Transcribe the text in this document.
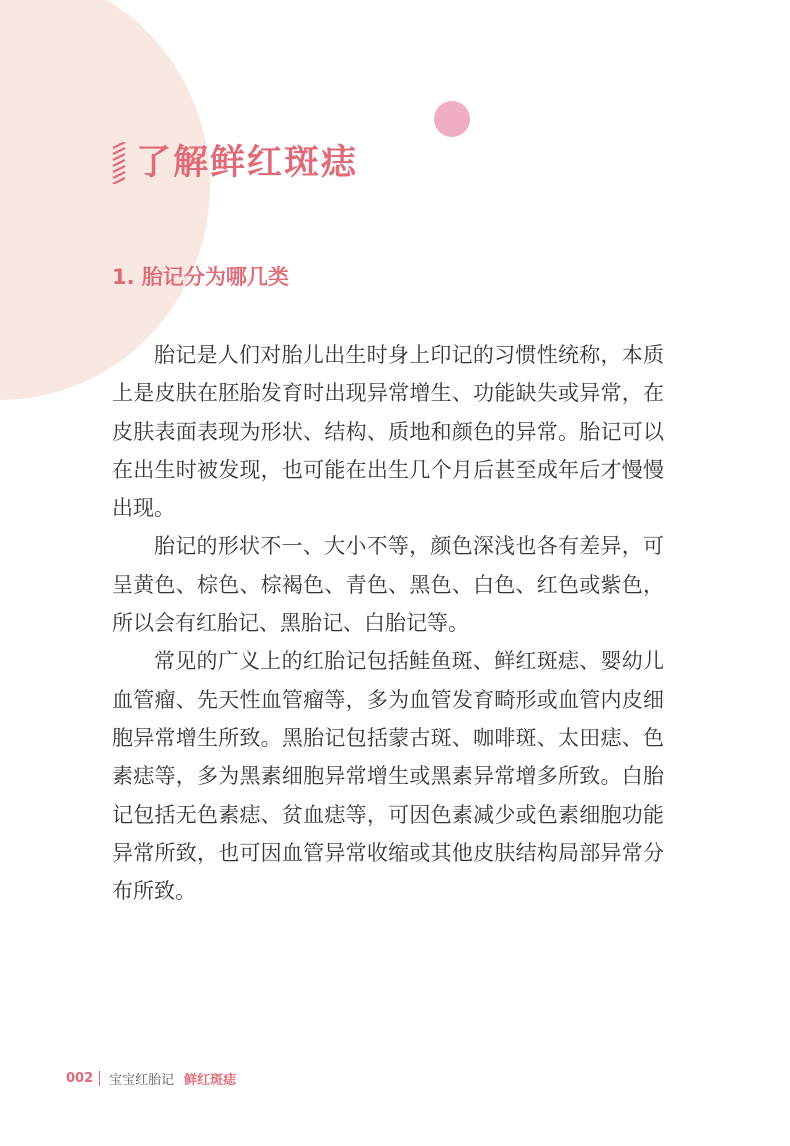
了解鲜红斑痣
1. 胎记分为哪几类

胎记是人们对胎儿出生时身上印记的习惯性统称，本质上是皮肤在胚胎发育时出现异常增生、功能缺失或异常，在皮肤表面表现为形状、结构、质地和颜色的异常。胎记可以在出生时被发现，也可能在出生几个月后甚至成年后才慢慢出现。

胎记的形状不一、大小不等，颜色深浅也各有差异，可呈黄色、棕色、棕褐色、青色、黑色、白色、红色或紫色，所以会有红胎记、黑胎记、白胎记等。

常见的广义上的红胎记包括鲑鱼斑、鲜红斑痣、婴幼儿血管瘤、先天性血管瘤等，多为血管发育畸形或血管内皮细胞异常增生所致。黑胎记包括蒙古斑、咖啡斑、太田痣、色素痣等，多为黑素细胞异常增生或黑素异常增多所致。白胎记包括无色素痣、贫血痣等，可因色素减少或色素细胞功能异常所致，也可因血管异常收缩或其他皮肤结构局部异常分布所致。

002 宝宝红胎记 鲜红斑痣
